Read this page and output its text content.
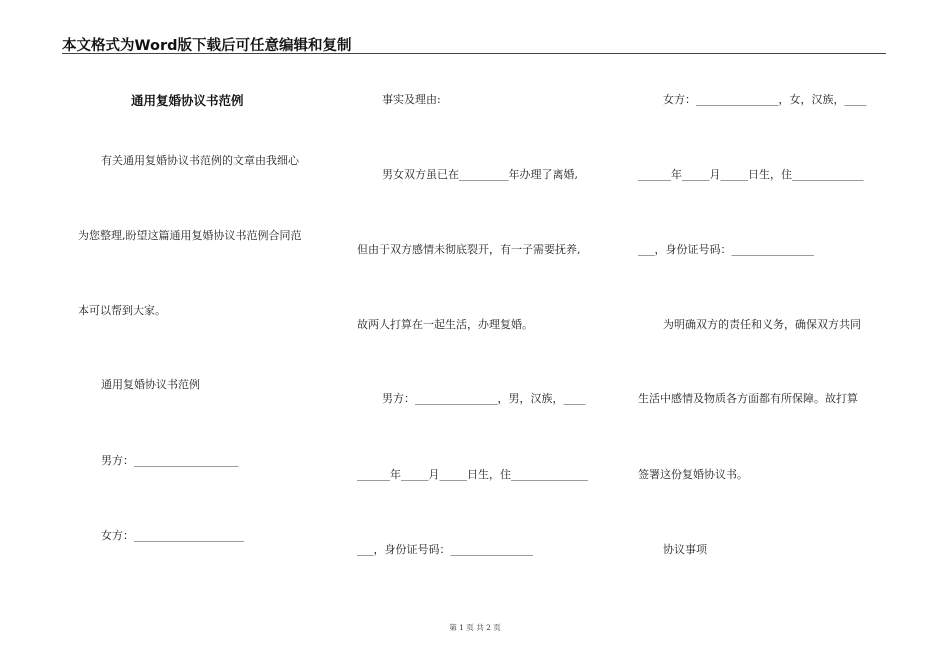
本文格式为Word版下载后可任意编辑和复制
通用复婚协议书范例
有关通用复婚协议书范例的文章由我细心
为您整理,盼望这篇通用复婚协议书范例合同范
本可以帮到大家。
通用复婚协议书范例
男方：___________________
女方：____________________
事实及理由:
男女双方虽已在_________年办理了离婚,
但由于双方感情未彻底裂开，有一子需要抚养,
故两人打算在一起生活，办理复婚。
男方：_______________，男，汉族，____
______年_____月_____日生，住______________
___，身份证号码：_______________
女方：_______________，女，汉族，____
______年_____月_____日生，住_____________
___，身份证号码：_______________
为明确双方的责任和义务，确保双方共同
生活中感情及物质各方面都有所保障。故打算
签署这份复婚协议书。
协议事项
第 1 页 共 2 页
